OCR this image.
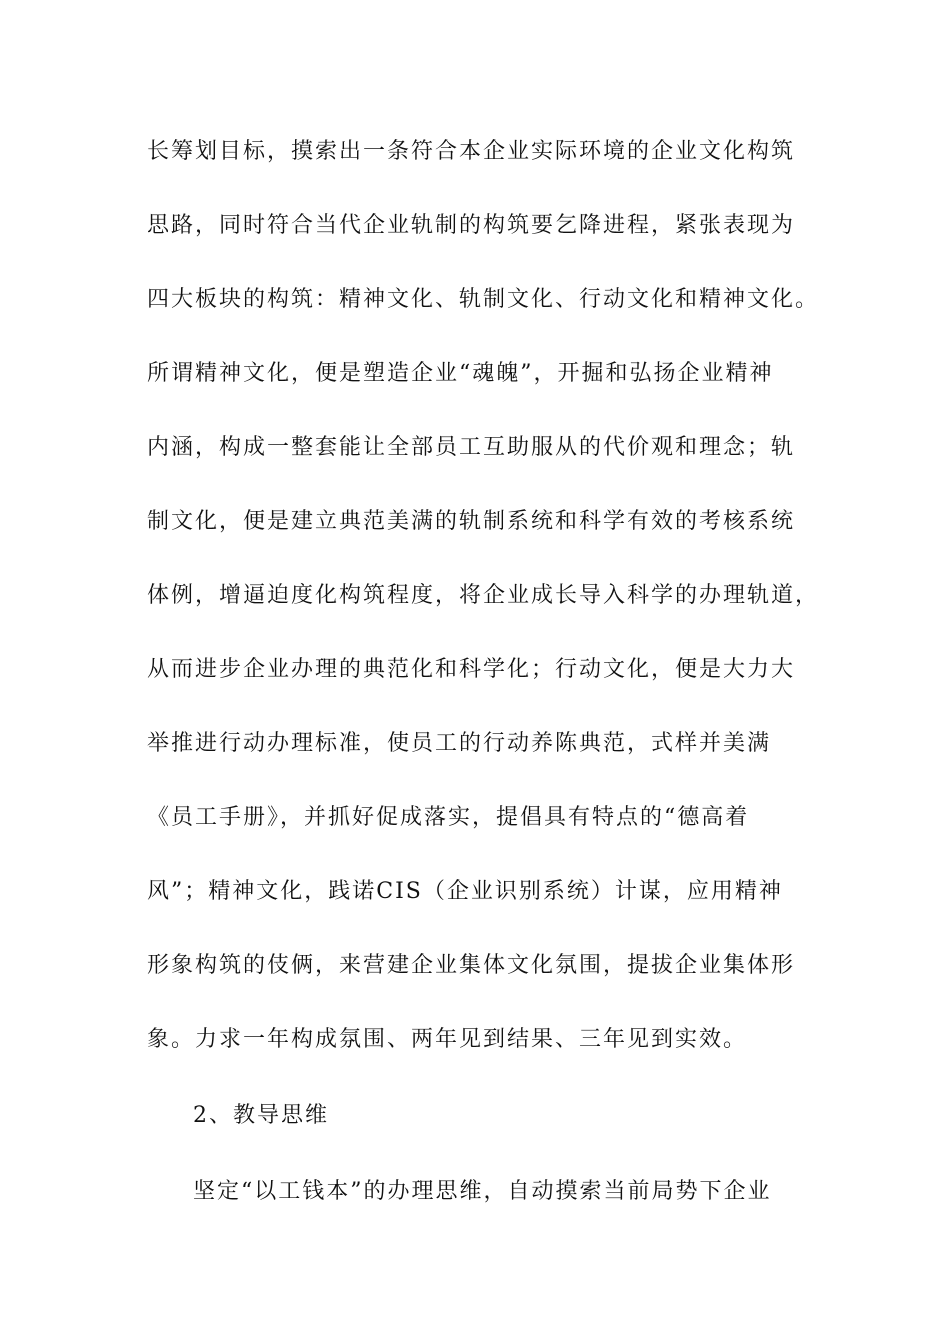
长筹划目标，摸索出一条符合本企业实际环境的企业文化构筑

思路，同时符合当代企业轨制的构筑要乞降进程，紧张表现为

四大板块的构筑：精神文化、轨制文化、行动文化和精神文化。

所谓精神文化，便是塑造企业“魂魄”，开掘和弘扬企业精神

内涵，构成一整套能让全部员工互助服从的代价观和理念；轨

制文化，便是建立典范美满的轨制系统和科学有效的考核系统

体例，增逼迫度化构筑程度，将企业成长导入科学的办理轨道，

从而进步企业办理的典范化和科学化；行动文化，便是大力大

举推进行动办理标准，使员工的行动养陈典范，式样并美满

《员工手册》，并抓好促成落实，提倡具有特点的“德高着

风”；精神文化，践诺CIS（企业识别系统）计谋，应用精神

形象构筑的伎俩，来营建企业集体文化氛围，提拔企业集体形

象。力求一年构成氛围、两年见到结果、三年见到实效。

2、教导思维

坚定“以工钱本”的办理思维，自动摸索当前局势下企业
